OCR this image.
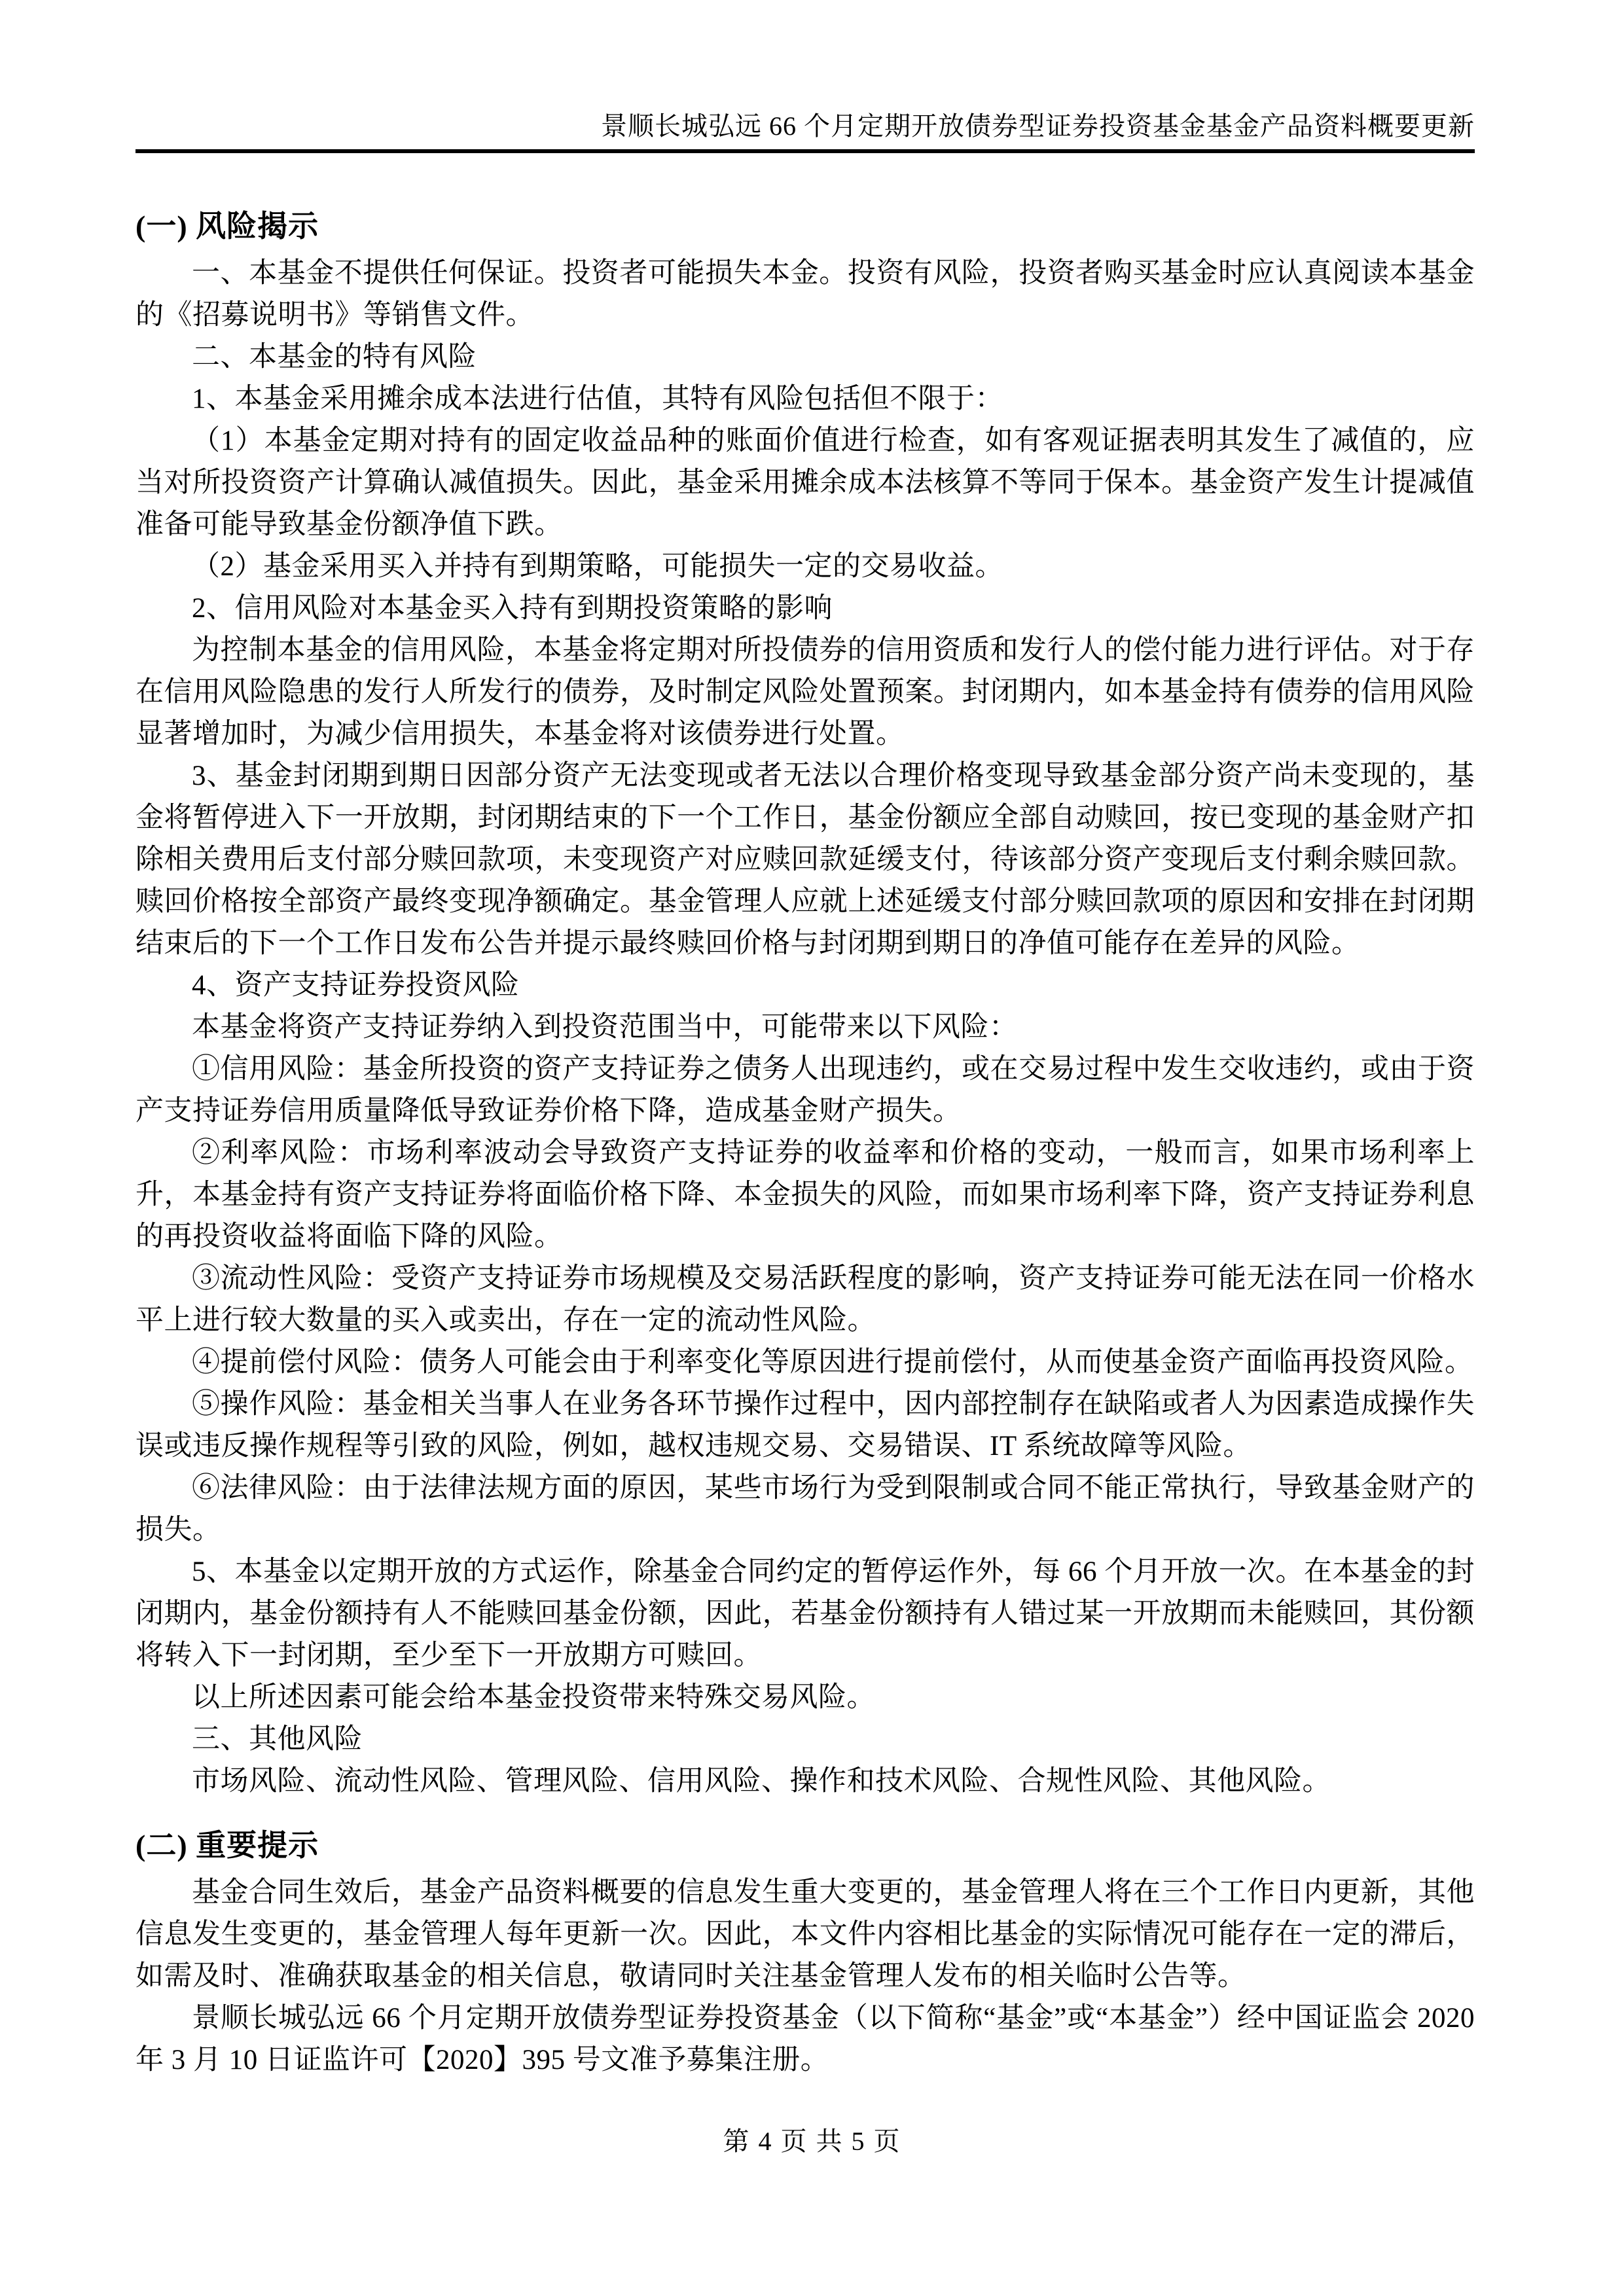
景顺长城弘远 66 个月定期开放债券型证券投资基金基金产品资料概要更新
(一) 风险揭示

一、本基金不提供任何保证。投资者可能损失本金。投资有风险，投资者购买基金时应认真阅读本基金的《招募说明书》等销售文件。

二、本基金的特有风险

1、本基金采用摊余成本法进行估值，其特有风险包括但不限于：

（1）本基金定期对持有的固定收益品种的账面价值进行检查，如有客观证据表明其发生了减值的，应当对所投资资产计算确认减值损失。因此，基金采用摊余成本法核算不等同于保本。基金资产发生计提减值准备可能导致基金份额净值下跌。

（2）基金采用买入并持有到期策略，可能损失一定的交易收益。

2、信用风险对本基金买入持有到期投资策略的影响

为控制本基金的信用风险，本基金将定期对所投债券的信用资质和发行人的偿付能力进行评估。对于存在信用风险隐患的发行人所发行的债券，及时制定风险处置预案。封闭期内，如本基金持有债券的信用风险显著增加时，为减少信用损失，本基金将对该债券进行处置。

3、基金封闭期到期日因部分资产无法变现或者无法以合理价格变现导致基金部分资产尚未变现的，基金将暂停进入下一开放期，封闭期结束的下一个工作日，基金份额应全部自动赎回，按已变现的基金财产扣除相关费用后支付部分赎回款项，未变现资产对应赎回款延缓支付，待该部分资产变现后支付剩余赎回款。赎回价格按全部资产最终变现净额确定。基金管理人应就上述延缓支付部分赎回款项的原因和安排在封闭期结束后的下一个工作日发布公告并提示最终赎回价格与封闭期到期日的净值可能存在差异的风险。

4、资产支持证券投资风险

本基金将资产支持证券纳入到投资范围当中，可能带来以下风险：

①信用风险：基金所投资的资产支持证券之债务人出现违约，或在交易过程中发生交收违约，或由于资产支持证券信用质量降低导致证券价格下降，造成基金财产损失。

②利率风险：市场利率波动会导致资产支持证券的收益率和价格的变动，一般而言，如果市场利率上升，本基金持有资产支持证券将面临价格下降、本金损失的风险，而如果市场利率下降，资产支持证券利息的再投资收益将面临下降的风险。

③流动性风险：受资产支持证券市场规模及交易活跃程度的影响，资产支持证券可能无法在同一价格水平上进行较大数量的买入或卖出，存在一定的流动性风险。

④提前偿付风险：债务人可能会由于利率变化等原因进行提前偿付，从而使基金资产面临再投资风险。

⑤操作风险：基金相关当事人在业务各环节操作过程中，因内部控制存在缺陷或者人为因素造成操作失误或违反操作规程等引致的风险，例如，越权违规交易、交易错误、IT 系统故障等风险。

⑥法律风险：由于法律法规方面的原因，某些市场行为受到限制或合同不能正常执行，导致基金财产的损失。

5、本基金以定期开放的方式运作，除基金合同约定的暂停运作外，每 66 个月开放一次。在本基金的封闭期内，基金份额持有人不能赎回基金份额，因此，若基金份额持有人错过某一开放期而未能赎回，其份额将转入下一封闭期，至少至下一开放期方可赎回。

以上所述因素可能会给本基金投资带来特殊交易风险。

三、其他风险

市场风险、流动性风险、管理风险、信用风险、操作和技术风险、合规性风险、其他风险。

(二) 重要提示

基金合同生效后，基金产品资料概要的信息发生重大变更的，基金管理人将在三个工作日内更新，其他信息发生变更的，基金管理人每年更新一次。因此，本文件内容相比基金的实际情况可能存在一定的滞后，如需及时、准确获取基金的相关信息，敬请同时关注基金管理人发布的相关临时公告等。

景顺长城弘远 66 个月定期开放债券型证券投资基金（以下简称“基金”或“本基金”）经中国证监会 2020 年 3 月 10 日证监许可【2020】395 号文准予募集注册。

第 4 页 共 5 页
